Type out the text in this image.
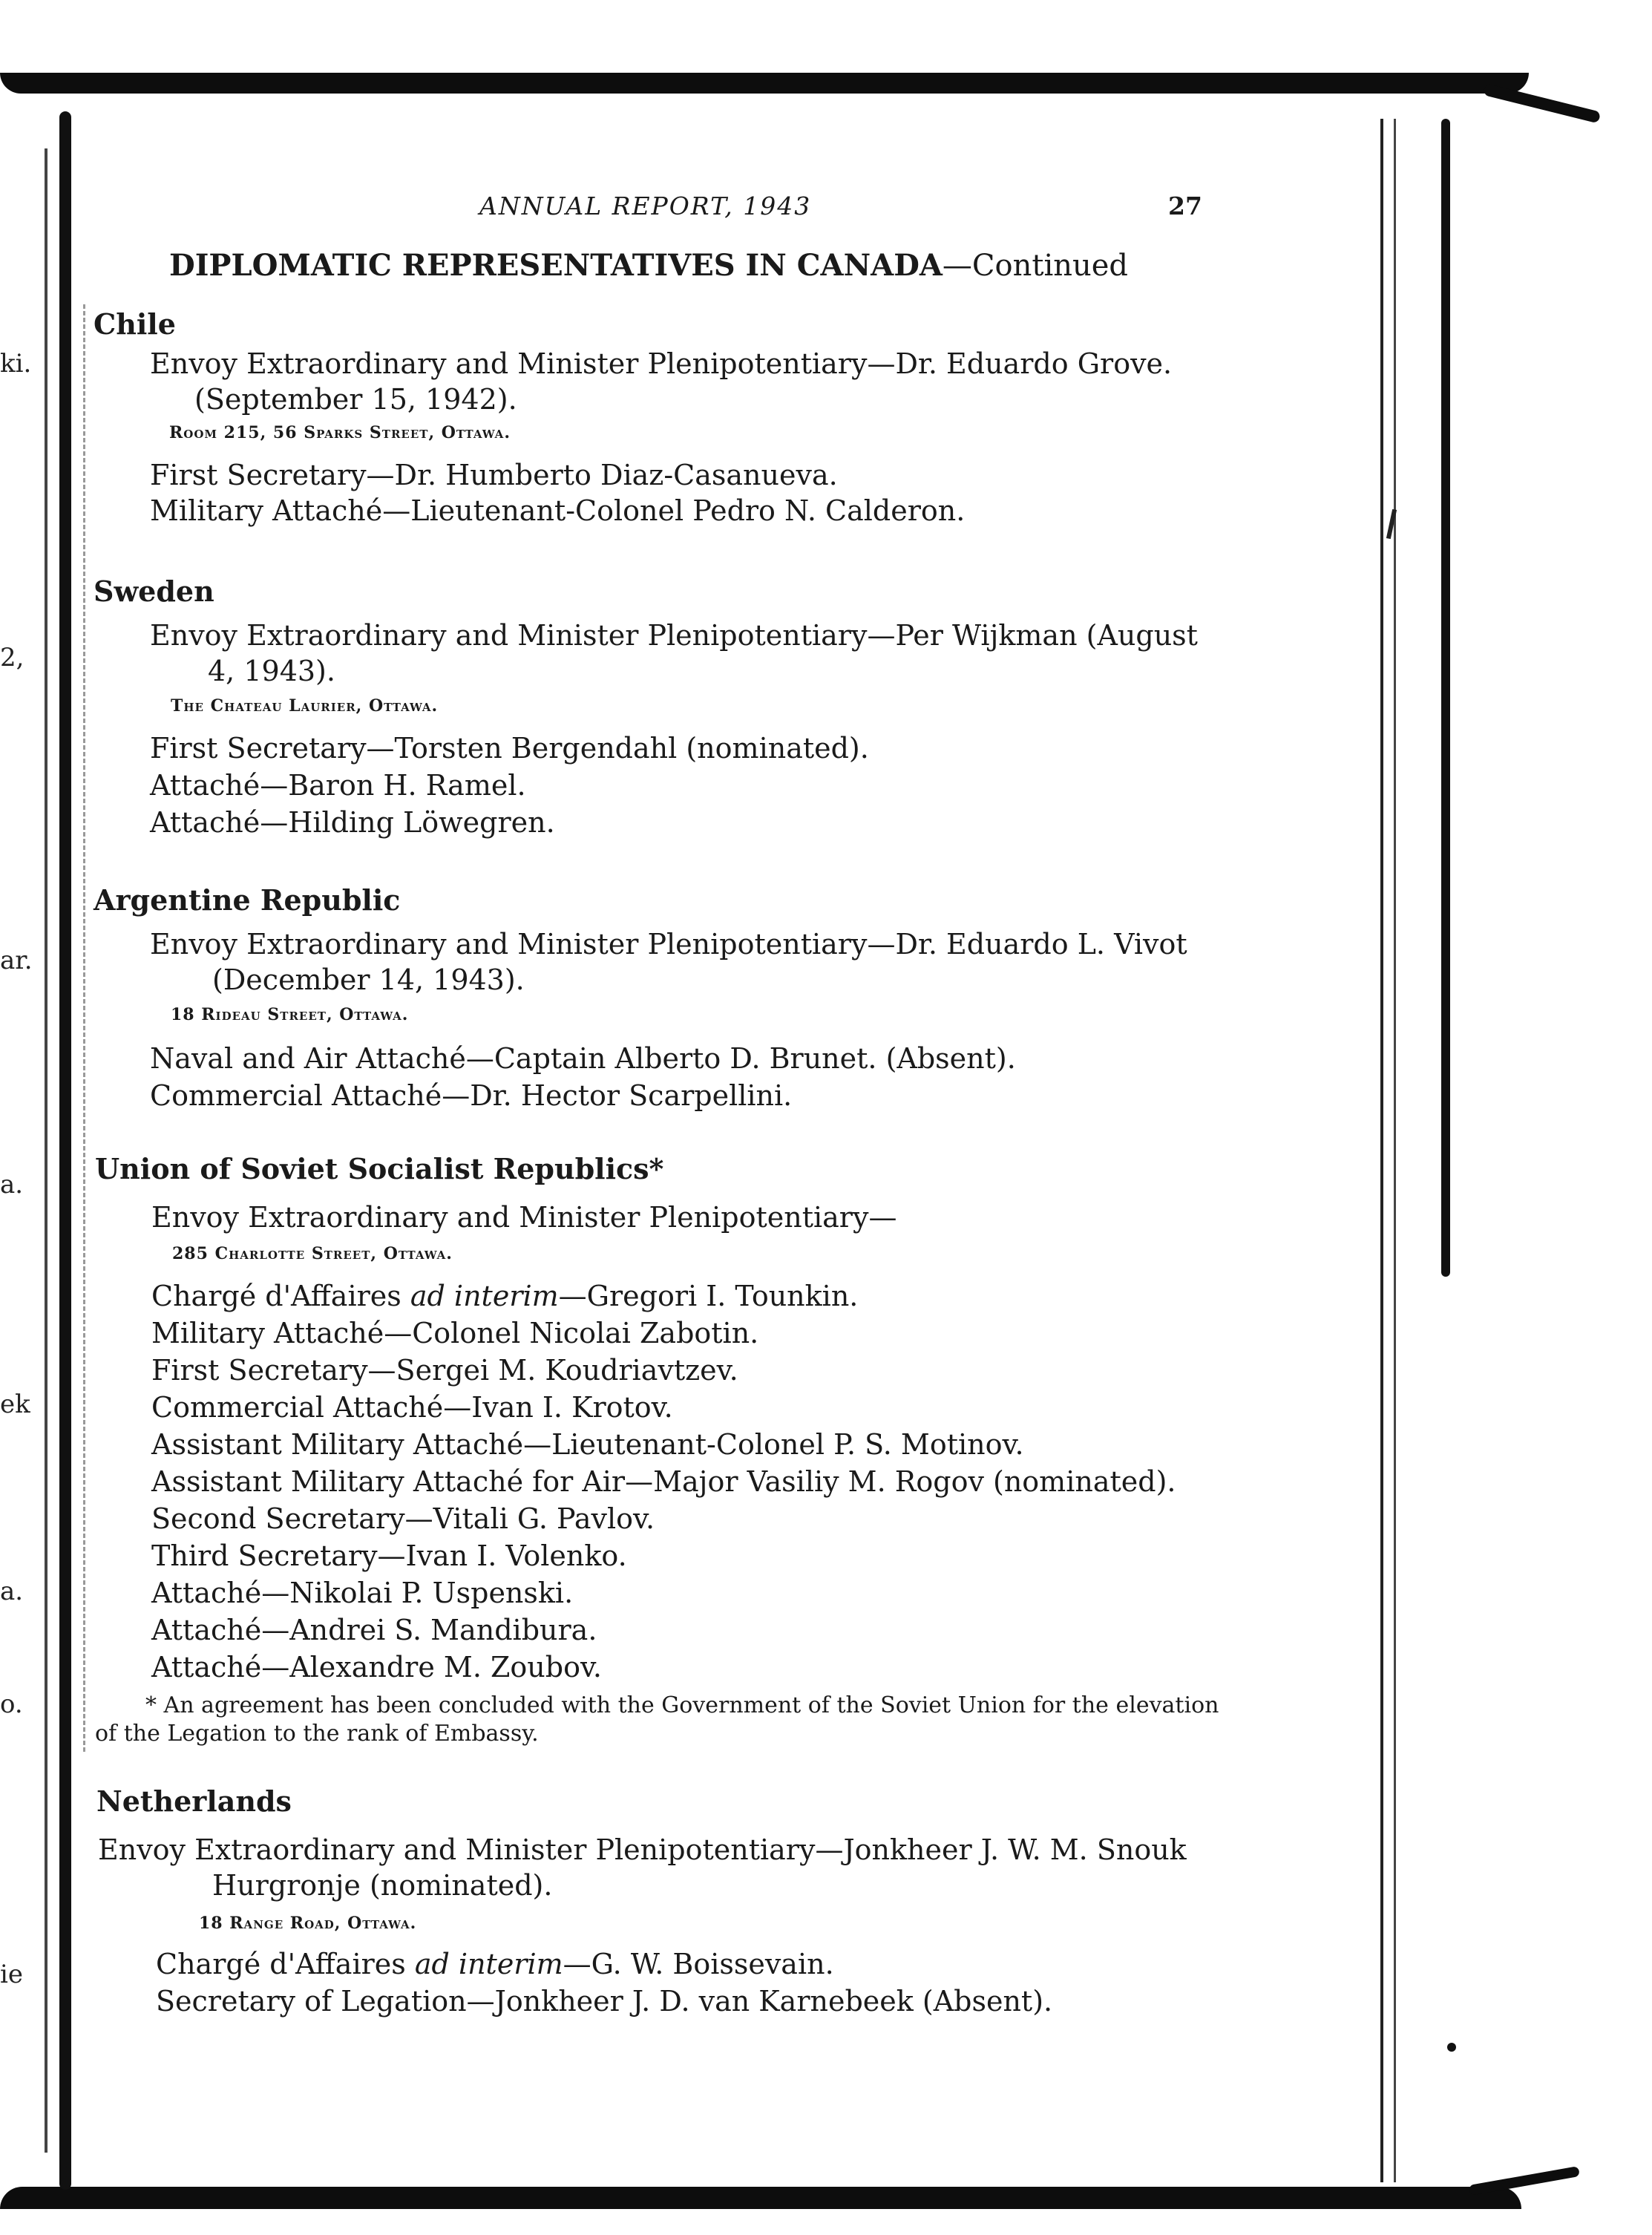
ki.
2,
ar.
a.
ek
a.
o.
ie
ANNUAL REPORT, 1943	27
DIPLOMATIC REPRESENTATIVES IN CANADA—Continued
Chile
Envoy Extraordinary and Minister Plenipotentiary—Dr. Eduardo Grove.
(September 15, 1942).
Room 215, 56 Sparks Street, Ottawa.
First Secretary—Dr. Humberto Diaz-Casanueva.
Military Attaché—Lieutenant-Colonel Pedro N. Calderon.
Sweden
Envoy Extraordinary and Minister Plenipotentiary—Per Wijkman (August
4, 1943).
The Chateau Laurier, Ottawa.
First Secretary—Torsten Bergendahl (nominated).
Attaché—Baron H. Ramel.
Attaché—Hilding Löwegren.
Argentine Republic
Envoy Extraordinary and Minister Plenipotentiary—Dr. Eduardo L. Vivot
(December 14, 1943).
18 Rideau Street, Ottawa.
Naval and Air Attaché—Captain Alberto D. Brunet. (Absent).
Commercial Attaché—Dr. Hector Scarpellini.
Union of Soviet Socialist Republics*
Envoy Extraordinary and Minister Plenipotentiary—
285 Charlotte Street, Ottawa.
Chargé d'Affaires ad interim—Gregori I. Tounkin.
Military Attaché—Colonel Nicolai Zabotin.
First Secretary—Sergei M. Koudriavtzev.
Commercial Attaché—Ivan I. Krotov.
Assistant Military Attaché—Lieutenant-Colonel P. S. Motinov.
Assistant Military Attaché for Air—Major Vasiliy M. Rogov (nominated).
Second Secretary—Vitali G. Pavlov.
Third Secretary—Ivan I. Volenko.
Attaché—Nikolai P. Uspenski.
Attaché—Andrei S. Mandibura.
Attaché—Alexandre M. Zoubov.
* An agreement has been concluded with the Government of the Soviet Union for the elevation
of the Legation to the rank of Embassy.
Netherlands
Envoy Extraordinary and Minister Plenipotentiary—Jonkheer J. W. M. Snouk
Hurgronje (nominated).
18 Range Road, Ottawa.
Chargé d'Affaires ad interim—G. W. Boissevain.
Secretary of Legation—Jonkheer J. D. van Karnebeek (Absent).
